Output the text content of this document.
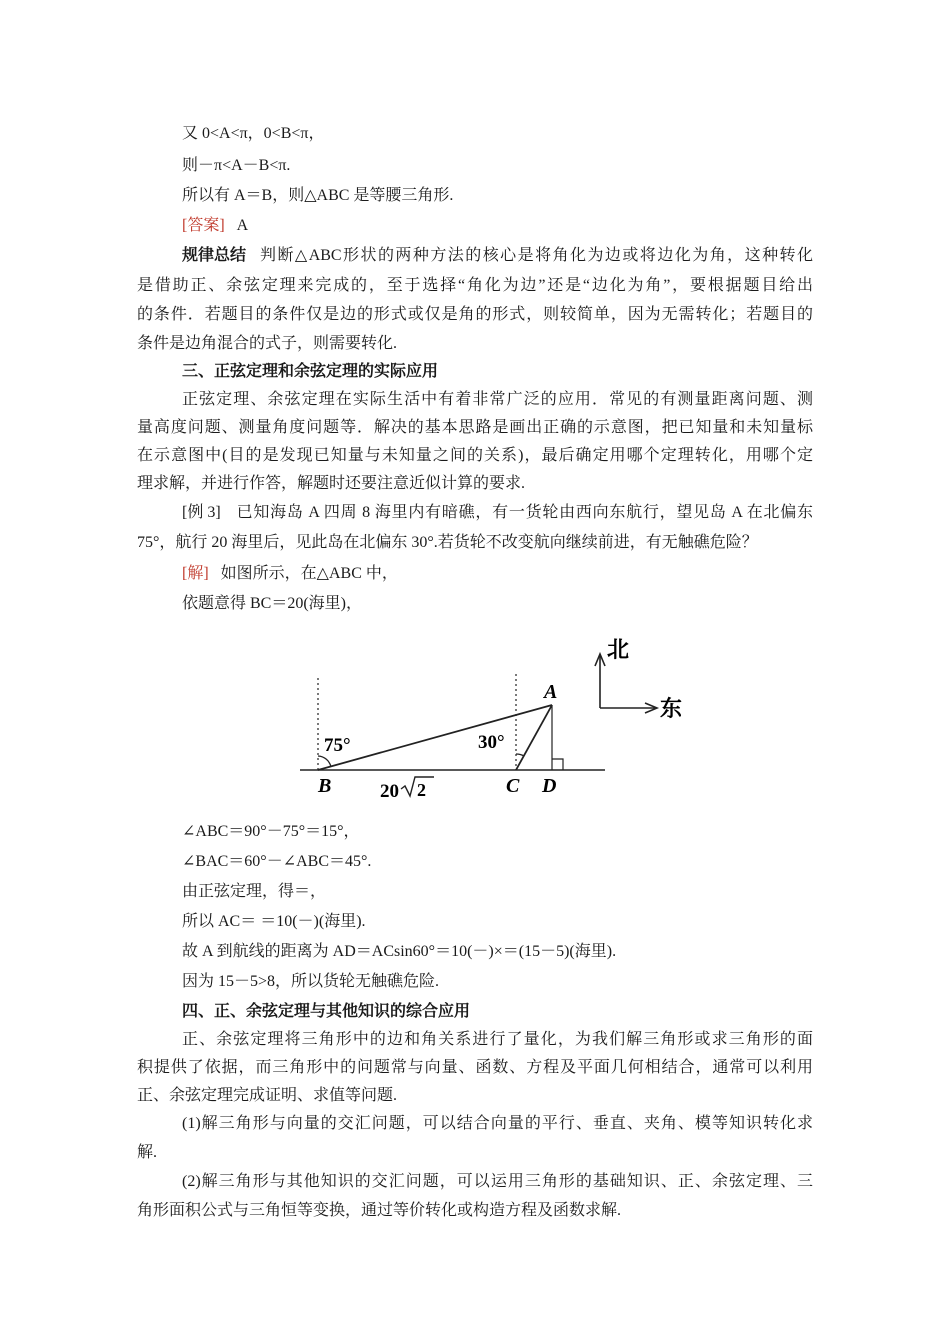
又 0<A<π，0<B<π，
则－π<A－B<π.
所以有 A＝B，则△ABC 是等腰三角形.
[答案] A
规律总结 判断△ABC形状的两种方法的核心是将角化为边或将边化为角，这种转化
是借助正、余弦定理来完成的，至于选择“角化为边”还是“边化为角”，要根据题目给出
的条件．若题目的条件仅是边的形式或仅是角的形式，则较简单，因为无需转化；若题目的
条件是边角混合的式子，则需要转化.
三、正弦定理和余弦定理的实际应用
正弦定理、余弦定理在实际生活中有着非常广泛的应用．常见的有测量距离问题、测
量高度问题、测量角度问题等．解决的基本思路是画出正确的示意图，把已知量和未知量标
在示意图中(目的是发现已知量与未知量之间的关系)，最后确定用哪个定理转化，用哪个定
理求解，并进行作答，解题时还要注意近似计算的要求.
[例 3] 已知海岛 A 四周 8 海里内有暗礁，有一货轮由西向东航行，望见岛 A 在北偏东
75°，航行 20 海里后，见此岛在北偏东 30°.若货轮不改变航向继续前进，有无触礁危险？
[解] 如图所示，在△ABC 中，
依题意得 BC＝20(海里)，
北
东
A
B	C D
75°	30°
20 2
∠ABC＝90°－75°＝15°，
∠BAC＝60°－∠ABC＝45°.
由正弦定理，得＝，
所以 AC＝ ＝10(－)(海里).
故 A 到航线的距离为 AD＝ACsin60°＝10(－)×＝(15－5)(海里).
因为 15－5>8，所以货轮无触礁危险.
四、正、余弦定理与其他知识的综合应用
正、余弦定理将三角形中的边和角关系进行了量化，为我们解三角形或求三角形的面
积提供了依据，而三角形中的问题常与向量、函数、方程及平面几何相结合，通常可以利用
正、余弦定理完成证明、求值等问题.
(1)解三角形与向量的交汇问题，可以结合向量的平行、垂直、夹角、模等知识转化求
解.
(2)解三角形与其他知识的交汇问题，可以运用三角形的基础知识、正、余弦定理、三
角形面积公式与三角恒等变换，通过等价转化或构造方程及函数求解.
